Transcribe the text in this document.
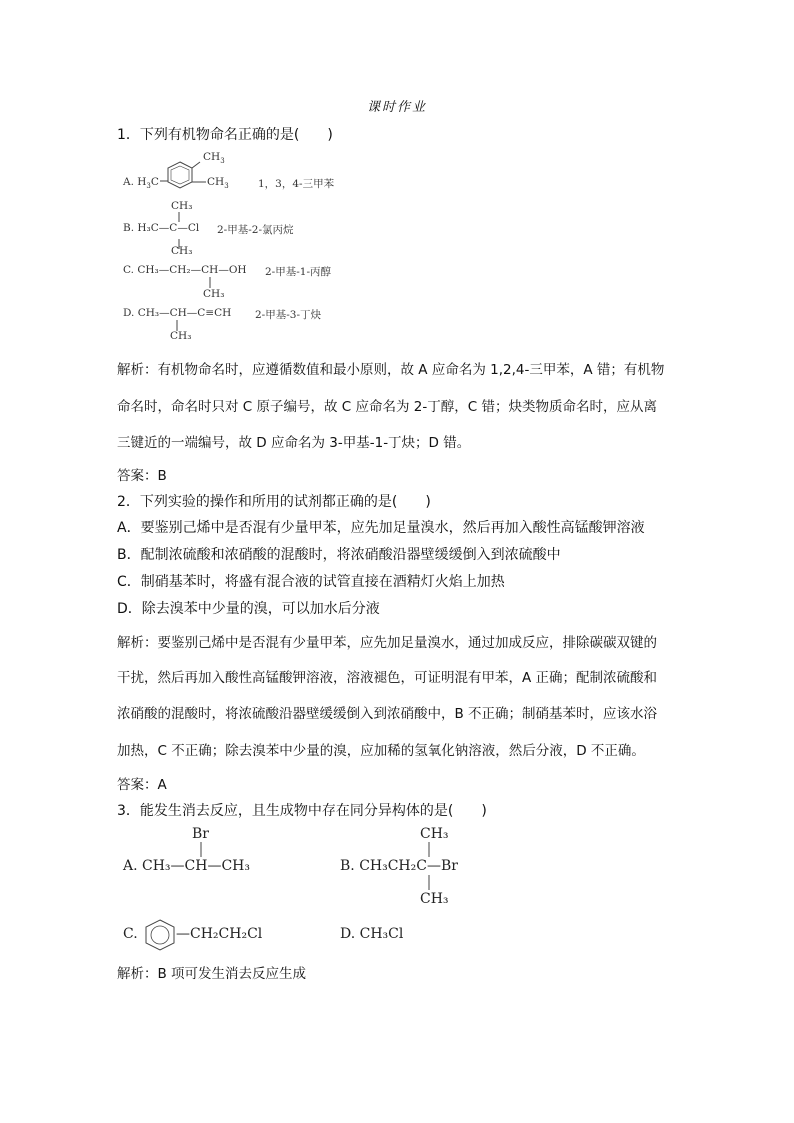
课时作业
1．下列有机物命名正确的是(　　)
A. $H_3C$
$CH_3$
$CH_3$	1，3，4-三甲苯
CH₃
B. H₃C—C—Cl
CH₃
2-甲基-2-氯丙烷
C. CH₃—CH₂—CH—OH
CH₃
2-甲基-1-丙醇
D. CH₃—CH—C≡CH
CH₃
2-甲基-3-丁炔
解析：有机物命名时，应遵循数值和最小原则，故 A 应命名为 1,2,4-三甲苯，A 错；有机物
命名时，命名时只对 C 原子编号，故 C 应命名为 2-丁醇，C 错；炔类物质命名时，应从离
三键近的一端编号，故 D 应命名为 3-甲基-1-丁炔；D 错。
答案：B
2．下列实验的操作和所用的试剂都正确的是(　　)
A．要鉴别己烯中是否混有少量甲苯，应先加足量溴水，然后再加入酸性高锰酸钾溶液
B．配制浓硫酸和浓硝酸的混酸时，将浓硝酸沿器壁缓缓倒入到浓硫酸中
C．制硝基苯时，将盛有混合液的试管直接在酒精灯火焰上加热
D．除去溴苯中少量的溴，可以加水后分液
解析：要鉴别己烯中是否混有少量甲苯，应先加足量溴水，通过加成反应，排除碳碳双键的
干扰，然后再加入酸性高锰酸钾溶液，溶液褪色，可证明混有甲苯，A 正确；配制浓硫酸和
浓硝酸的混酸时，将浓硫酸沿器壁缓缓倒入到浓硝酸中，B 不正确；制硝基苯时，应该水浴
加热，C 不正确；除去溴苯中少量的溴，应加稀的氢氧化钠溶液，然后分液，D 不正确。
答案：A
3．能发生消去反应，且生成物中存在同分异构体的是(　　)
Br
A. CH₃—CH—CH₃
CH₃
B. CH₃CH₂C—Br
CH₃
C.	—CH₂CH₂Cl	D. CH₃Cl
解析：B 项可发生消去反应生成
